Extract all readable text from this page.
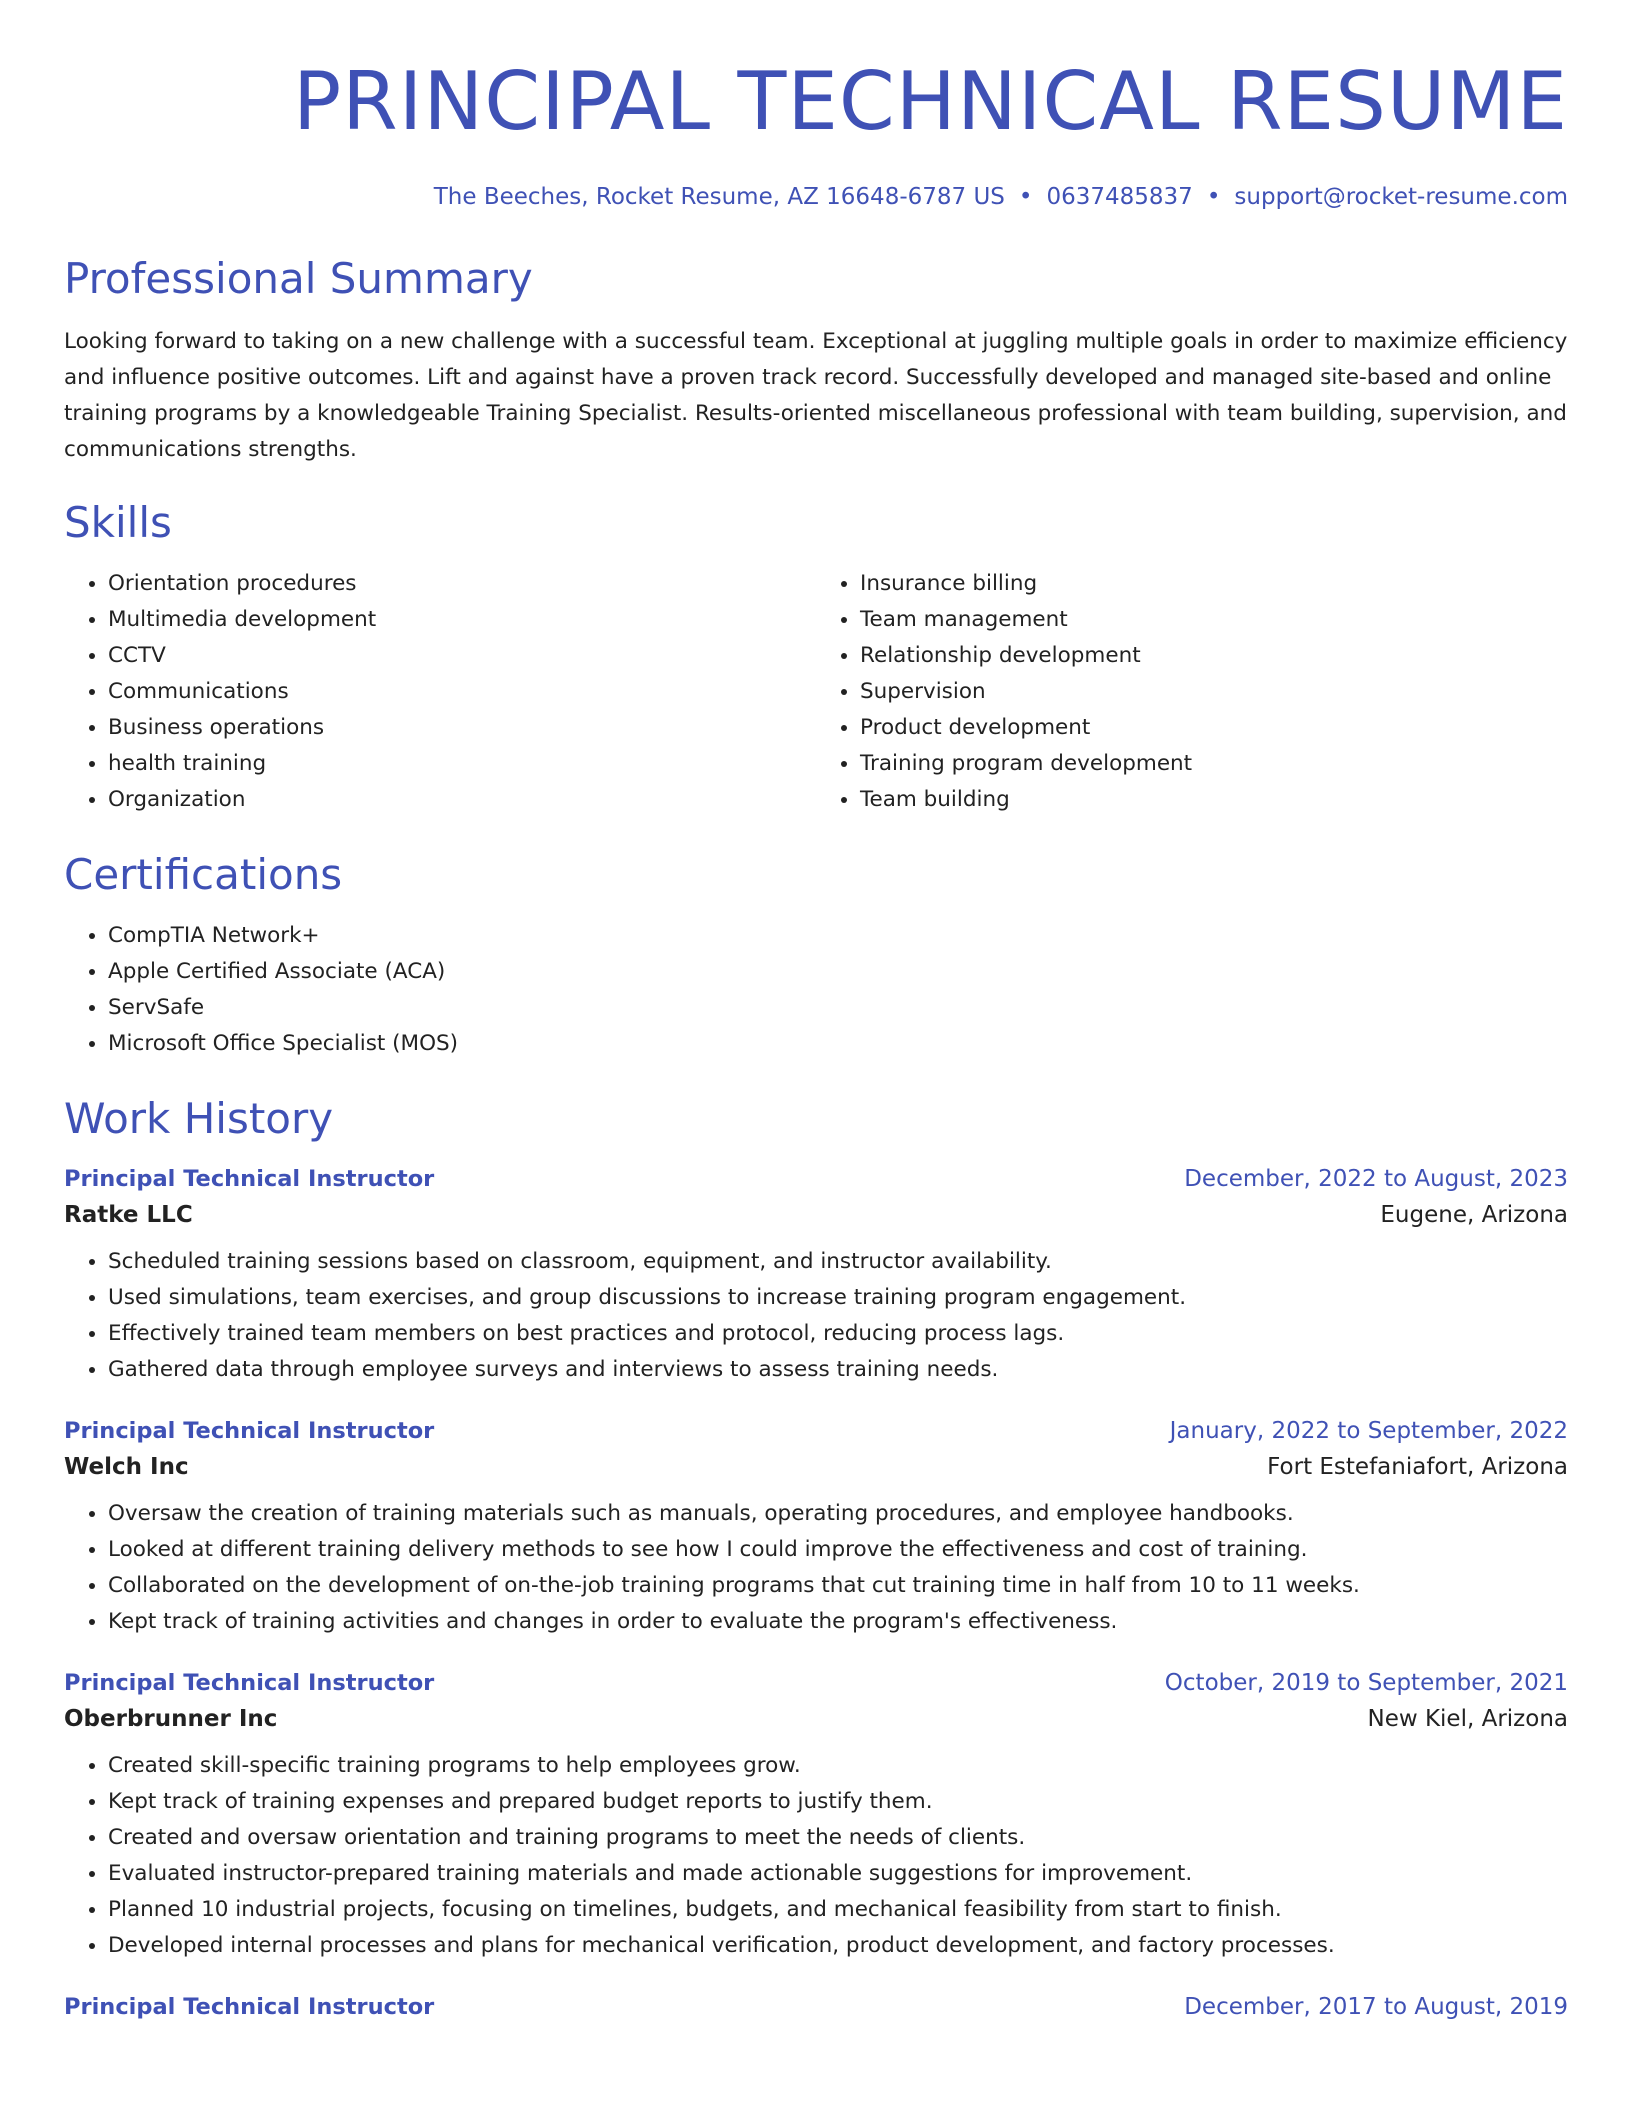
PRINCIPAL TECHNICAL RESUME
The Beeches, Rocket Resume, AZ 16648-6787 US • 0637485837 • support@rocket-resume.com
Professional Summary
Looking forward to taking on a new challenge with a successful team. Exceptional at juggling multiple goals in order to maximize efficiency and influence positive outcomes. Lift and against have a proven track record. Successfully developed and managed site-based and online training programs by a knowledgeable Training Specialist. Results-oriented miscellaneous professional with team building, supervision, and communications strengths.
Skills
• Orientation procedures
• Multimedia development
• CCTV
• Communications
• Business operations
• health training
• Organization
• Insurance billing
• Team management
• Relationship development
• Supervision
• Product development
• Training program development
• Team building
Certifications
• CompTIA Network+
• Apple Certified Associate (ACA)
• ServSafe
• Microsoft Office Specialist (MOS)
Work History
Principal Technical Instructor	December, 2022 to August, 2023
Ratke LLC	Eugene, Arizona
• Scheduled training sessions based on classroom, equipment, and instructor availability.
• Used simulations, team exercises, and group discussions to increase training program engagement.
• Effectively trained team members on best practices and protocol, reducing process lags.
• Gathered data through employee surveys and interviews to assess training needs.
Principal Technical Instructor	January, 2022 to September, 2022
Welch Inc	Fort Estefaniafort, Arizona
• Oversaw the creation of training materials such as manuals, operating procedures, and employee handbooks.
• Looked at different training delivery methods to see how I could improve the effectiveness and cost of training.
• Collaborated on the development of on-the-job training programs that cut training time in half from 10 to 11 weeks.
• Kept track of training activities and changes in order to evaluate the program's effectiveness.
Principal Technical Instructor	October, 2019 to September, 2021
Oberbrunner Inc	New Kiel, Arizona
• Created skill-specific training programs to help employees grow.
• Kept track of training expenses and prepared budget reports to justify them.
• Created and oversaw orientation and training programs to meet the needs of clients.
• Evaluated instructor-prepared training materials and made actionable suggestions for improvement.
• Planned 10 industrial projects, focusing on timelines, budgets, and mechanical feasibility from start to finish.
• Developed internal processes and plans for mechanical verification, product development, and factory processes.
Principal Technical Instructor	December, 2017 to August, 2019
